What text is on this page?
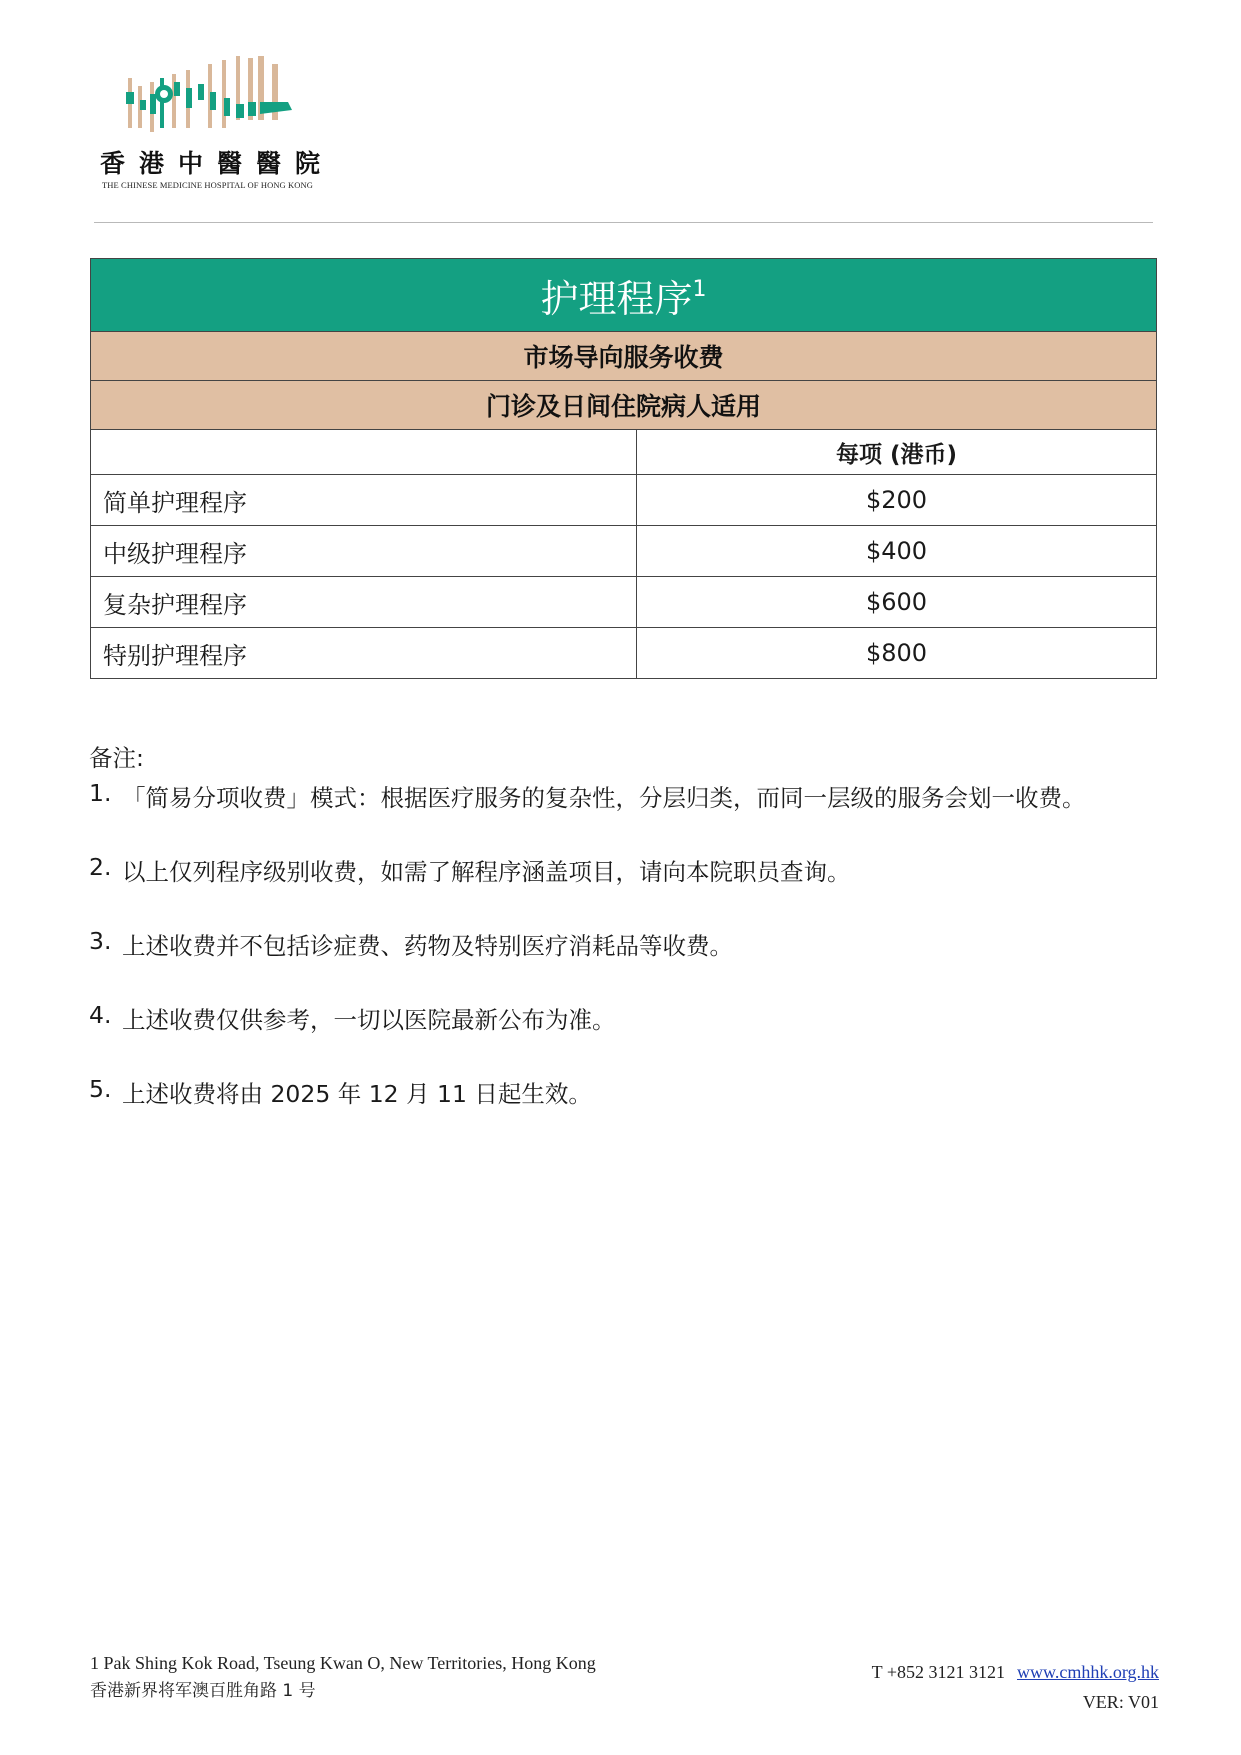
香港中醫醫院
THE CHINESE MEDICINE HOSPITAL OF HONG KONG
护理程序$^1$
市场导向服务收费	
门诊及日间住院病人适用	
	每项 (港币)
简单护理程序	$200
中级护理程序	$400
复杂护理程序	$600
特别护理程序	$800
备注:
1. 「简易分项收费」模式：根据医疗服务的复杂性，分层归类，而同一层级的服务会划一收费。
2. 以上仅列程序级别收费，如需了解程序涵盖项目，请向本院职员查询。
3. 上述收费并不包括诊症费、药物及特别医疗消耗品等收费。
4. 上述收费仅供参考，一切以医院最新公布为准。
5. 上述收费将由 2025 年 12 月 11 日起生效。
1 Pak Shing Kok Road, Tseung Kwan O, New Territories, Hong Kong
香港新界将军澳百胜角路 1 号
T +852 3121 3121 www.cmhhk.org.hk
VER: V01
